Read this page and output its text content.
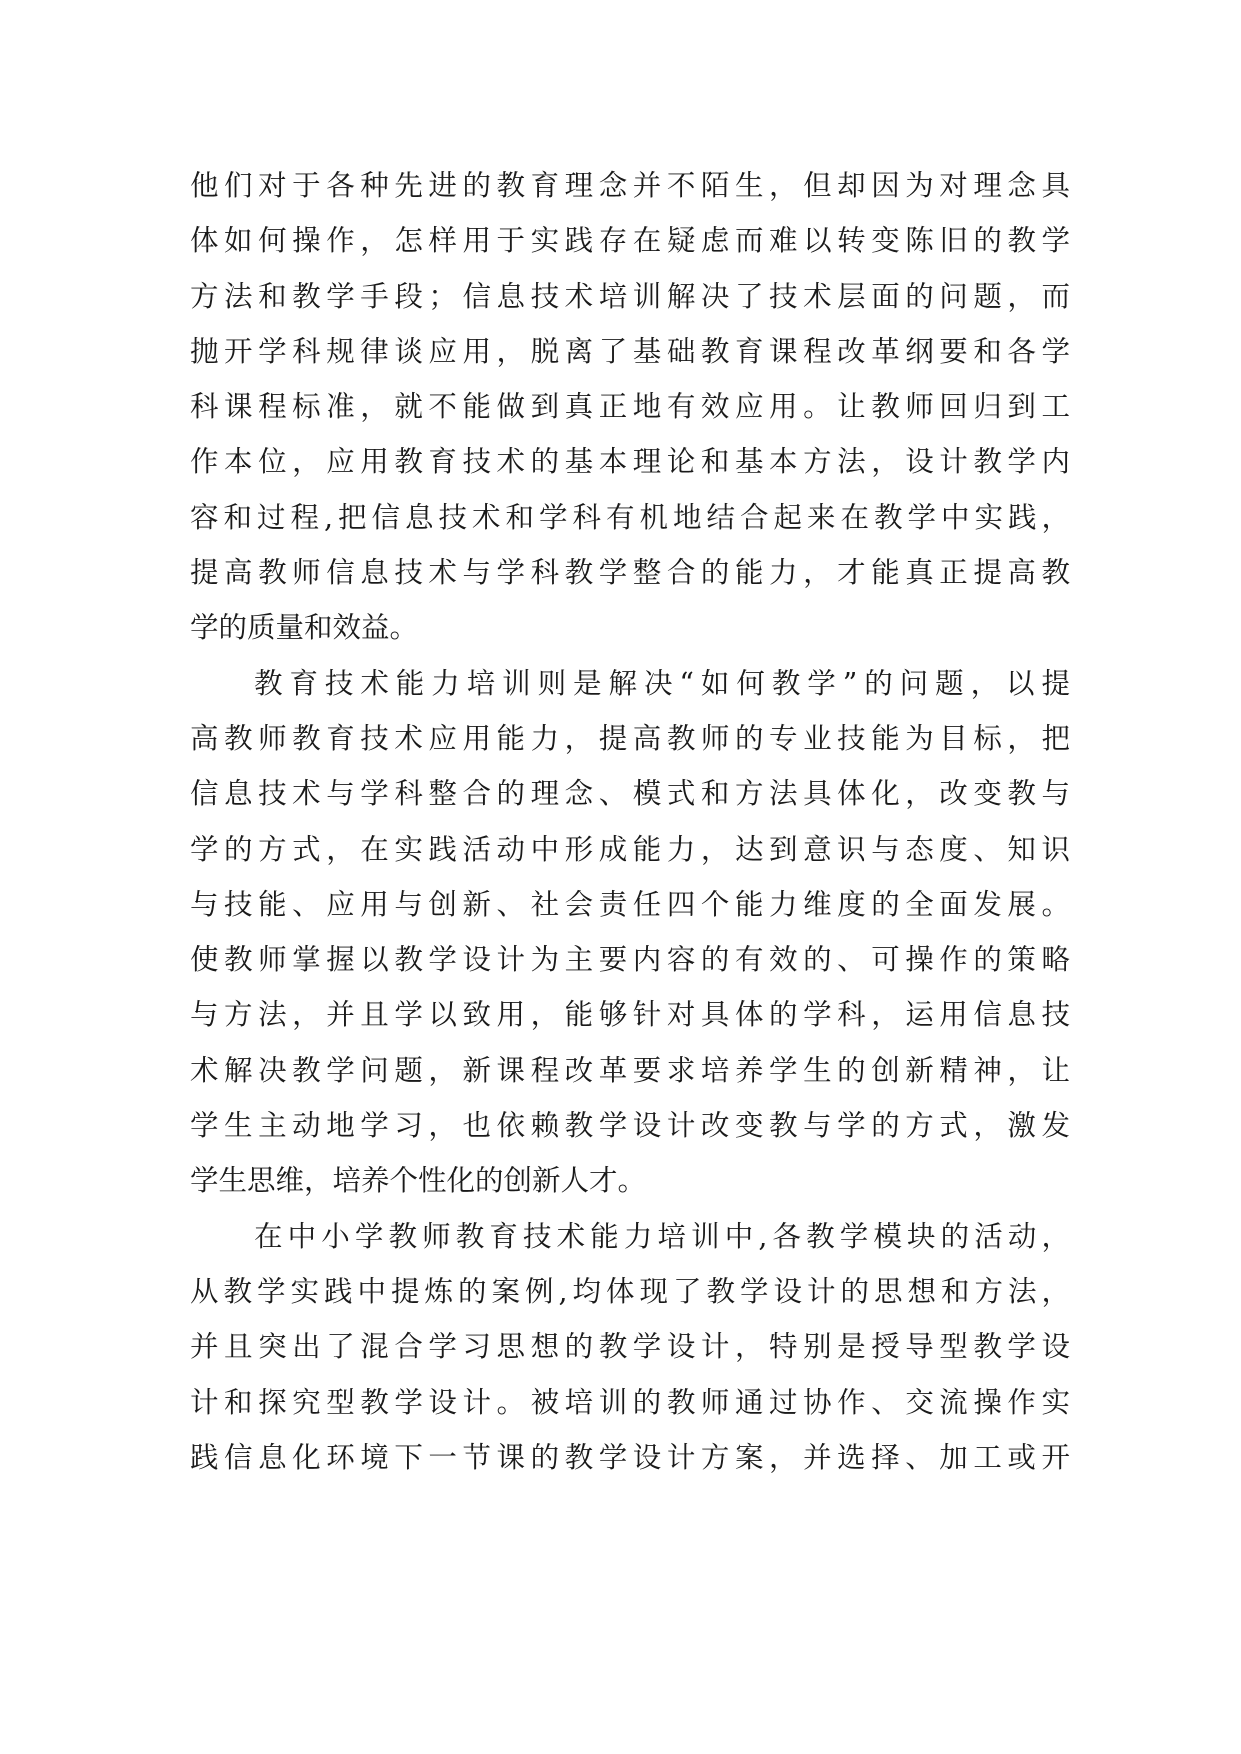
他们对于各种先进的教育理念并不陌生，但却因为对理念具
体如何操作，怎样用于实践存在疑虑而难以转变陈旧的教学
方法和教学手段；信息技术培训解决了技术层面的问题，而
抛开学科规律谈应用，脱离了基础教育课程改革纲要和各学
科课程标准，就不能做到真正地有效应用。让教师回归到工
作本位，应用教育技术的基本理论和基本方法，设计教学内
容和过程,把信息技术和学科有机地结合起来在教学中实践，
提高教师信息技术与学科教学整合的能力，才能真正提高教
学的质量和效益。
教育技术能力培训则是解决“如何教学”的问题，以提
高教师教育技术应用能力，提高教师的专业技能为目标，把
信息技术与学科整合的理念、模式和方法具体化，改变教与
学的方式，在实践活动中形成能力，达到意识与态度、知识
与技能、应用与创新、社会责任四个能力维度的全面发展。
使教师掌握以教学设计为主要内容的有效的、可操作的策略
与方法，并且学以致用，能够针对具体的学科，运用信息技
术解决教学问题，新课程改革要求培养学生的创新精神，让
学生主动地学习，也依赖教学设计改变教与学的方式，激发
学生思维，培养个性化的创新人才。
在中小学教师教育技术能力培训中,各教学模块的活动，
从教学实践中提炼的案例,均体现了教学设计的思想和方法，
并且突出了混合学习思想的教学设计，特别是授导型教学设
计和探究型教学设计。被培训的教师通过协作、交流操作实
践信息化环境下一节课的教学设计方案，并选择、加工或开
